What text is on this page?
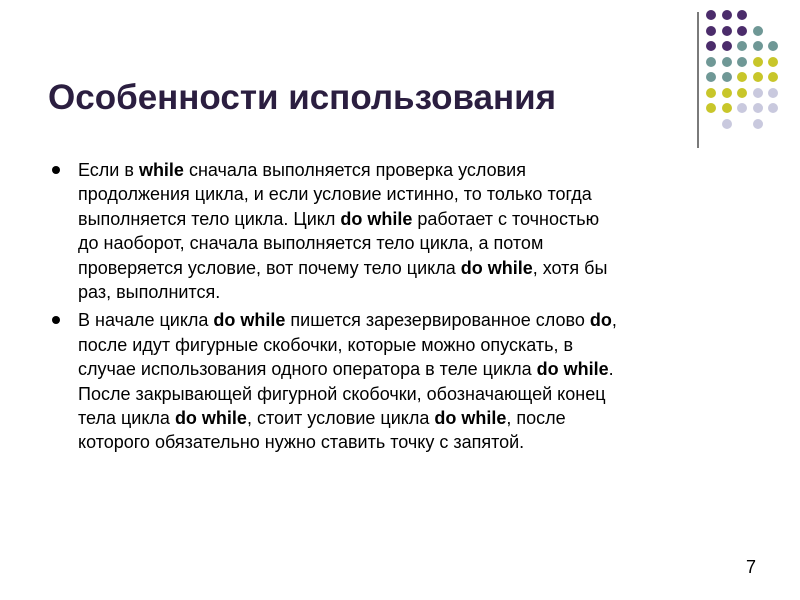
Особенности использования
Если в while сначала выполняется проверка условия
продолжения цикла, и если условие истинно, то только тогда
выполняется тело цикла. Цикл do while работает с точностью
до наоборот, сначала выполняется тело цикла, а потом
проверяется условие, вот почему тело цикла do while, хотя бы
раз, выполнится.
В начале цикла do while пишется зарезервированное слово do,
после идут фигурные скобочки, которые можно опускать, в
случае использования одного оператора в теле цикла do while.
После закрывающей фигурной скобочки, обозначающей конец
тела цикла do while, стоит условие цикла do while, после
которого обязательно нужно ставить точку с запятой.
7
